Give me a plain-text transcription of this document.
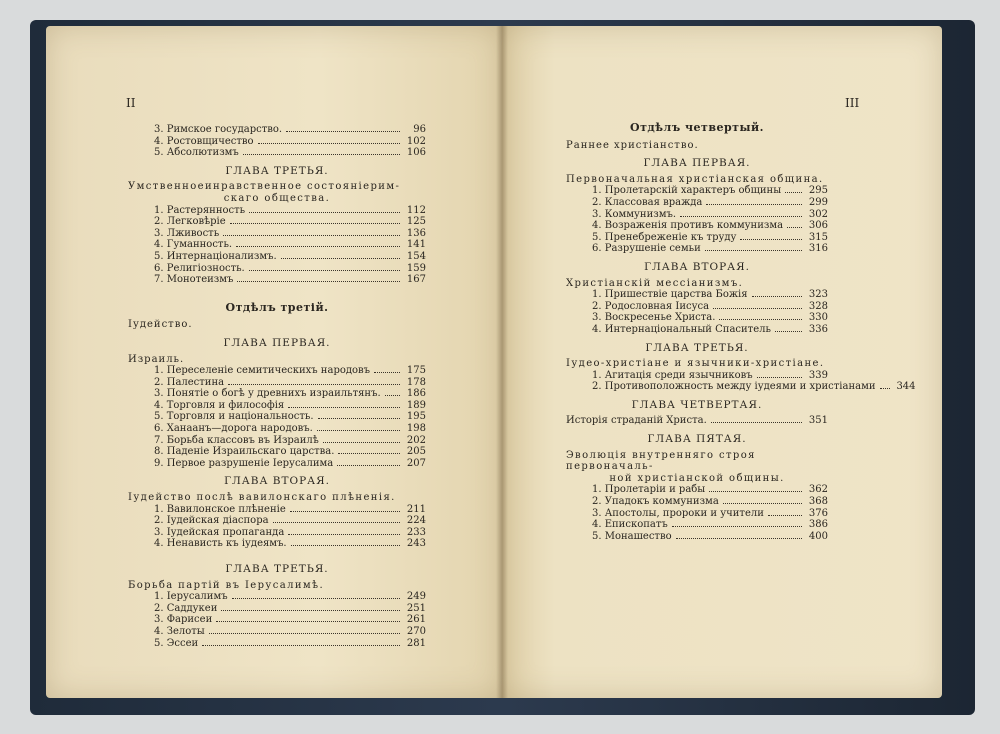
II
3. Римское государство.	96
4. Ростовщичество	102
5. Абсолютизмъ	106
ГЛАВА ТРЕТЬЯ.
Умственноеинравственное состояніерим-
скаго общества.
1. Растерянность	112
2. Легковѣріе	125
3. Лживость	136
4. Гуманность.	141
5. Интернаціонализмъ.	154
6. Религіозность.	159
7. Монотеизмъ	167
Отдѣлъ третій.
Іудейство.
ГЛАВА ПЕРВАЯ.
Израиль.
1. Переселеніе семитическихъ народовъ	175
2. Палестина	178
3. Понятіе о богѣ у древнихъ израильтянъ.	186
4. Торговля и философія	189
5. Торговля и національность.	195
6. Ханаанъ—дорога народовъ.	198
7. Борьба классовъ въ Израилѣ	202
8. Паденіе Израильскаго царства.	205
9. Первое разрушеніе Іерусалима	207
ГЛАВА ВТОРАЯ.
Іудейство послѣ вавилонскаго плѣненія.
1. Вавилонское плѣненіе	211
2. Іудейская діаспора	224
3. Іудейская пропаганда	233
4. Ненависть къ іудеямъ.	243
ГЛАВА ТРЕТЬЯ.
Борьба партій въ Іерусалимѣ.
1. Іерусалимъ	249
2. Саддукеи	251
3. Фарисеи	261
4. Зелоты	270
5. Эссеи	281
III
Отдѣлъ четвертый.
Раннее христіанство.
ГЛАВА ПЕРВАЯ.
Первоначальная христіанская община.
1. Пролетарскій характеръ общины	295
2. Классовая вражда	299
3. Коммунизмъ.	302
4. Возраженія противъ коммунизма	306
5. Пренебреженіе къ труду	315
6. Разрушеніе семьи	316
ГЛАВА ВТОРАЯ.
Христіанскій мессіанизмъ.
1. Пришествіе царства Божія	323
2. Родословная Іисуса	328
3. Воскресенье Христа.	330
4. Интернаціональный Спаситель	336
ГЛАВА ТРЕТЬЯ.
Іудео-христіане и язычники-христіане.
1. Агитація среди язычниковъ	339
2. Противоположность между іудеями и христіанами 344
ГЛАВА ЧЕТВЕРТАЯ.
Исторія страданій Христа.	351
ГЛАВА ПЯТАЯ.
Эволюція внутренняго строя первоначаль-
ной христіанской общины.
1. Пролетаріи и рабы	362
2. Упадокъ коммунизма	368
3. Апостолы, пророки и учители	376
4. Епископатъ	386
5. Монашество	400
